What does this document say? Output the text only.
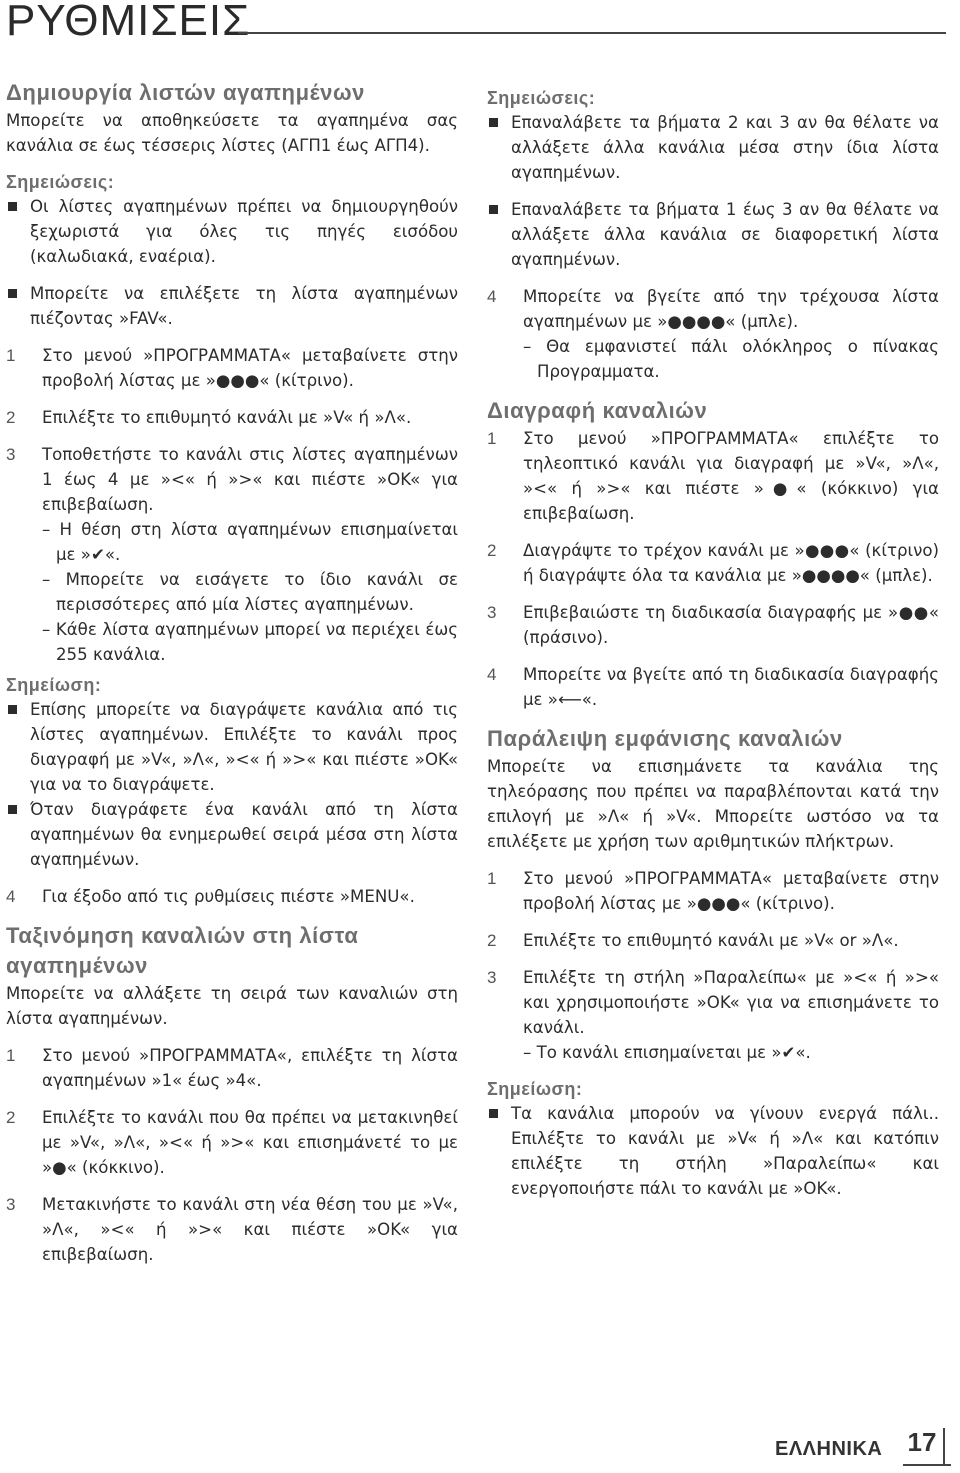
ΡΥΘΜΙΣΕΙΣ
Δημιουργία λιστών αγαπημένων

Μπορείτε να αποθηκεύσετε τα αγαπημένα σας κανάλια σε έως τέσσερις λίστες (ΑΓΠ1 έως ΑΓΠ4).

Σημειώσεις:

Οι λίστες αγαπημένων πρέπει να δημιουργηθούν ξεχωριστά για όλες τις πηγές εισόδου (καλωδιακά, εναέρια).

Μπορείτε να επιλέξετε τη λίστα αγαπημένων πιέζοντας »FAV«.

1 Στο μενού »ΠΡΟΓΡΑΜΜΑΤΑ« μεταβαίνετε στην προβολή λίστας με »●●●« (κίτρινο).

2 Επιλέξτε το επιθυμητό κανάλι με »V« ή »Λ«.

3 Τοποθετήστε το κανάλι στις λίστες αγαπημένων 1 έως 4 με »<« ή »>« και πιέστε »OK« για επιβεβαίωση.

– Η θέση στη λίστα αγαπημένων επισημαίνεται με »✔«.

– Μπορείτε να εισάγετε το ίδιο κανάλι σε περισσότερες από μία λίστες αγαπημένων.

– Κάθε λίστα αγαπημένων μπορεί να περιέχει έως 255 κανάλια.

Σημείωση:

Επίσης μπορείτε να διαγράψετε κανάλια από τις λίστες αγαπημένων. Επιλέξτε το κανάλι προς διαγραφή με »V«, »Λ«, »<« ή »>« και πιέστε »OK« για να το διαγράψετε.

Όταν διαγράφετε ένα κανάλι από τη λίστα αγαπημένων θα ενημερωθεί σειρά μέσα στη λίστα αγαπημένων.

4 Για έξοδο από τις ρυθμίσεις πιέστε »MENU«.

Ταξινόμηση καναλιών στη λίστα αγαπημένων

Μπορείτε να αλλάξετε τη σειρά των καναλιών στη λίστα αγαπημένων.

1 Στο μενού »ΠΡΟΓΡΑΜΜΑΤΑ«, επιλέξτε τη λίστα αγαπημένων »1« έως »4«.

2 Επιλέξτε το κανάλι που θα πρέπει να μετακινηθεί με »V«, »Λ«, »<« ή »>« και επισημάνετέ το με »●« (κόκκινο).

3 Μετακινήστε το κανάλι στη νέα θέση του με »V«, »Λ«, »<« ή »>« και πιέστε »OK« για επιβεβαίωση.

Σημειώσεις:

Επαναλάβετε τα βήματα 2 και 3 αν θα θέλατε να αλλάξετε άλλα κανάλια μέσα στην ίδια λίστα αγαπημένων.

Επαναλάβετε τα βήματα 1 έως 3 αν θα θέλατε να αλλάξετε άλλα κανάλια σε διαφορετική λίστα αγαπημένων.

4 Μπορείτε να βγείτε από την τρέχουσα λίστα αγαπημένων με »●●●●« (μπλε).

– Θα εμφανιστεί πάλι ολόκληρος ο πίνακας Προγραμματα.

Διαγραφή καναλιών

1 Στο μενού »ΠΡΟΓΡΑΜΜΑΤΑ« επιλέξτε το τηλεοπτικό κανάλι για διαγραφή με »V«, »Λ«, »<« ή »>« και πιέστε »●« (κόκκινο) για επιβεβαίωση.

2 Διαγράψτε το τρέχον κανάλι με »●●●« (κίτρινο) ή διαγράψτε όλα τα κανάλια με »●●●●« (μπλε).

3 Επιβεβαιώστε τη διαδικασία διαγραφής με »●●« (πράσινο).

4 Μπορείτε να βγείτε από τη διαδικασία διαγραφής με »⟵«.

Παράλειψη εμφάνισης καναλιών

Μπορείτε να επισημάνετε τα κανάλια της τηλεόρασης που πρέπει να παραβλέπονται κατά την επιλογή με »Λ« ή »V«. Μπορείτε ωστόσο να τα επιλέξετε με χρήση των αριθμητικών πλήκτρων.

1 Στο μενού »ΠΡΟΓΡΑΜΜΑΤΑ« μεταβαίνετε στην προβολή λίστας με »●●●« (κίτρινο).

2 Επιλέξτε το επιθυμητό κανάλι με »V« or »Λ«.

3 Επιλέξτε τη στήλη »Παραλείπω« με »<« ή »>« και χρησιμοποιήστε »OK« για να επισημάνετε το κανάλι.

– Το κανάλι επισημαίνεται με »✔«.

Σημείωση:

Τα κανάλια μπορούν να γίνουν ενεργά πάλι.. Επιλέξτε το κανάλι με »V« ή »Λ« και κατόπιν επιλέξτε τη στήλη »Παραλείπω« και ενεργοποιήστε πάλι το κανάλι με »OK«.

ΕΛΛΗΝΙΚΑ 17
